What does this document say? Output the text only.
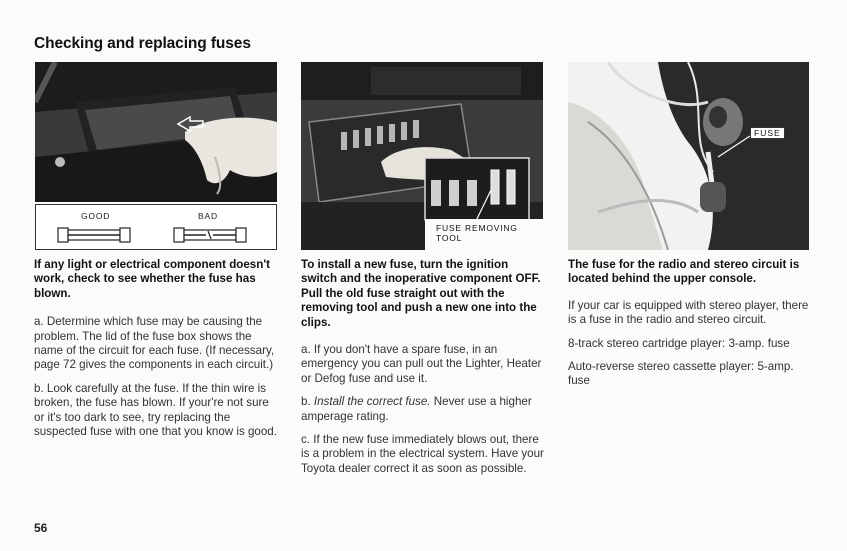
Checking and replacing fuses
GOOD	BAD
FUSE REMOVING
TOOL
FUSE

If any light or electrical component doesn't work, check to see whether the fuse has blown.

a. Determine which fuse may be causing the problem. The lid of the fuse box shows the name of the circuit for each fuse. (If necessary, page 72 gives the components in each circuit.)

b. Look carefully at the fuse. If the thin wire is broken, the fuse has blown. If your're not sure or it's too dark to see, try replacing the suspected fuse with one that you know is good.

To install a new fuse, turn the ignition switch and the inoperative component OFF. Pull the old fuse straight out with the removing tool and push a new one into the clips.

a. If you don't have a spare fuse, in an emergency you can pull out the Lighter, Heater or Defog fuse and use it.

b. Install the correct fuse. Never use a higher amperage rating.

c. If the new fuse immediately blows out, there is a problem in the electrical system. Have your Toyota dealer correct it as soon as possible.

The fuse for the radio and stereo circuit is located behind the upper console.

If your car is equipped with stereo player, there is a fuse in the radio and stereo circuit.

8-track stereo cartridge player: 3-amp. fuse

Auto-reverse stereo cassette player: 5-amp. fuse

56
